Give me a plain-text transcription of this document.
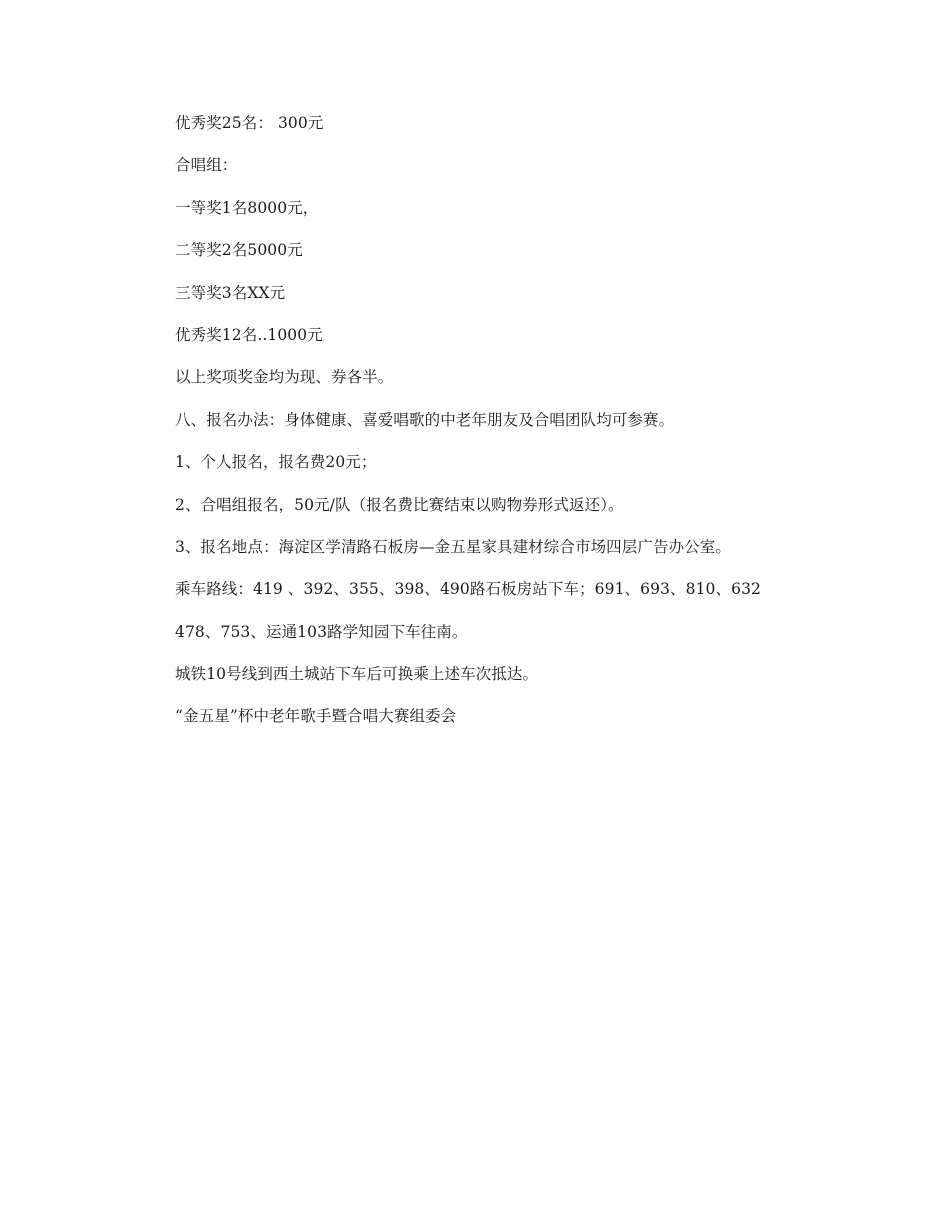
优秀奖25名： 300元

合唱组：

一等奖1名8000元，

二等奖2名5000元

三等奖3名XX元

优秀奖12名..1000元

以上奖项奖金均为现、券各半。

八、报名办法：身体健康、喜爱唱歌的中老年朋友及合唱团队均可参赛。

1、个人报名，报名费20元；

2、合唱组报名，50元/队（报名费比赛结束以购物券形式返还）。

3、报名地点：海淀区学清路石板房—金五星家具建材综合市场四层广告办公室。

乘车路线：419 、392、355、398、490路石板房站下车；691、693、810、632

478、753、运通103路学知园下车往南。

城铁10号线到西土城站下车后可换乘上述车次抵达。

“金五星”杯中老年歌手暨合唱大赛组委会
